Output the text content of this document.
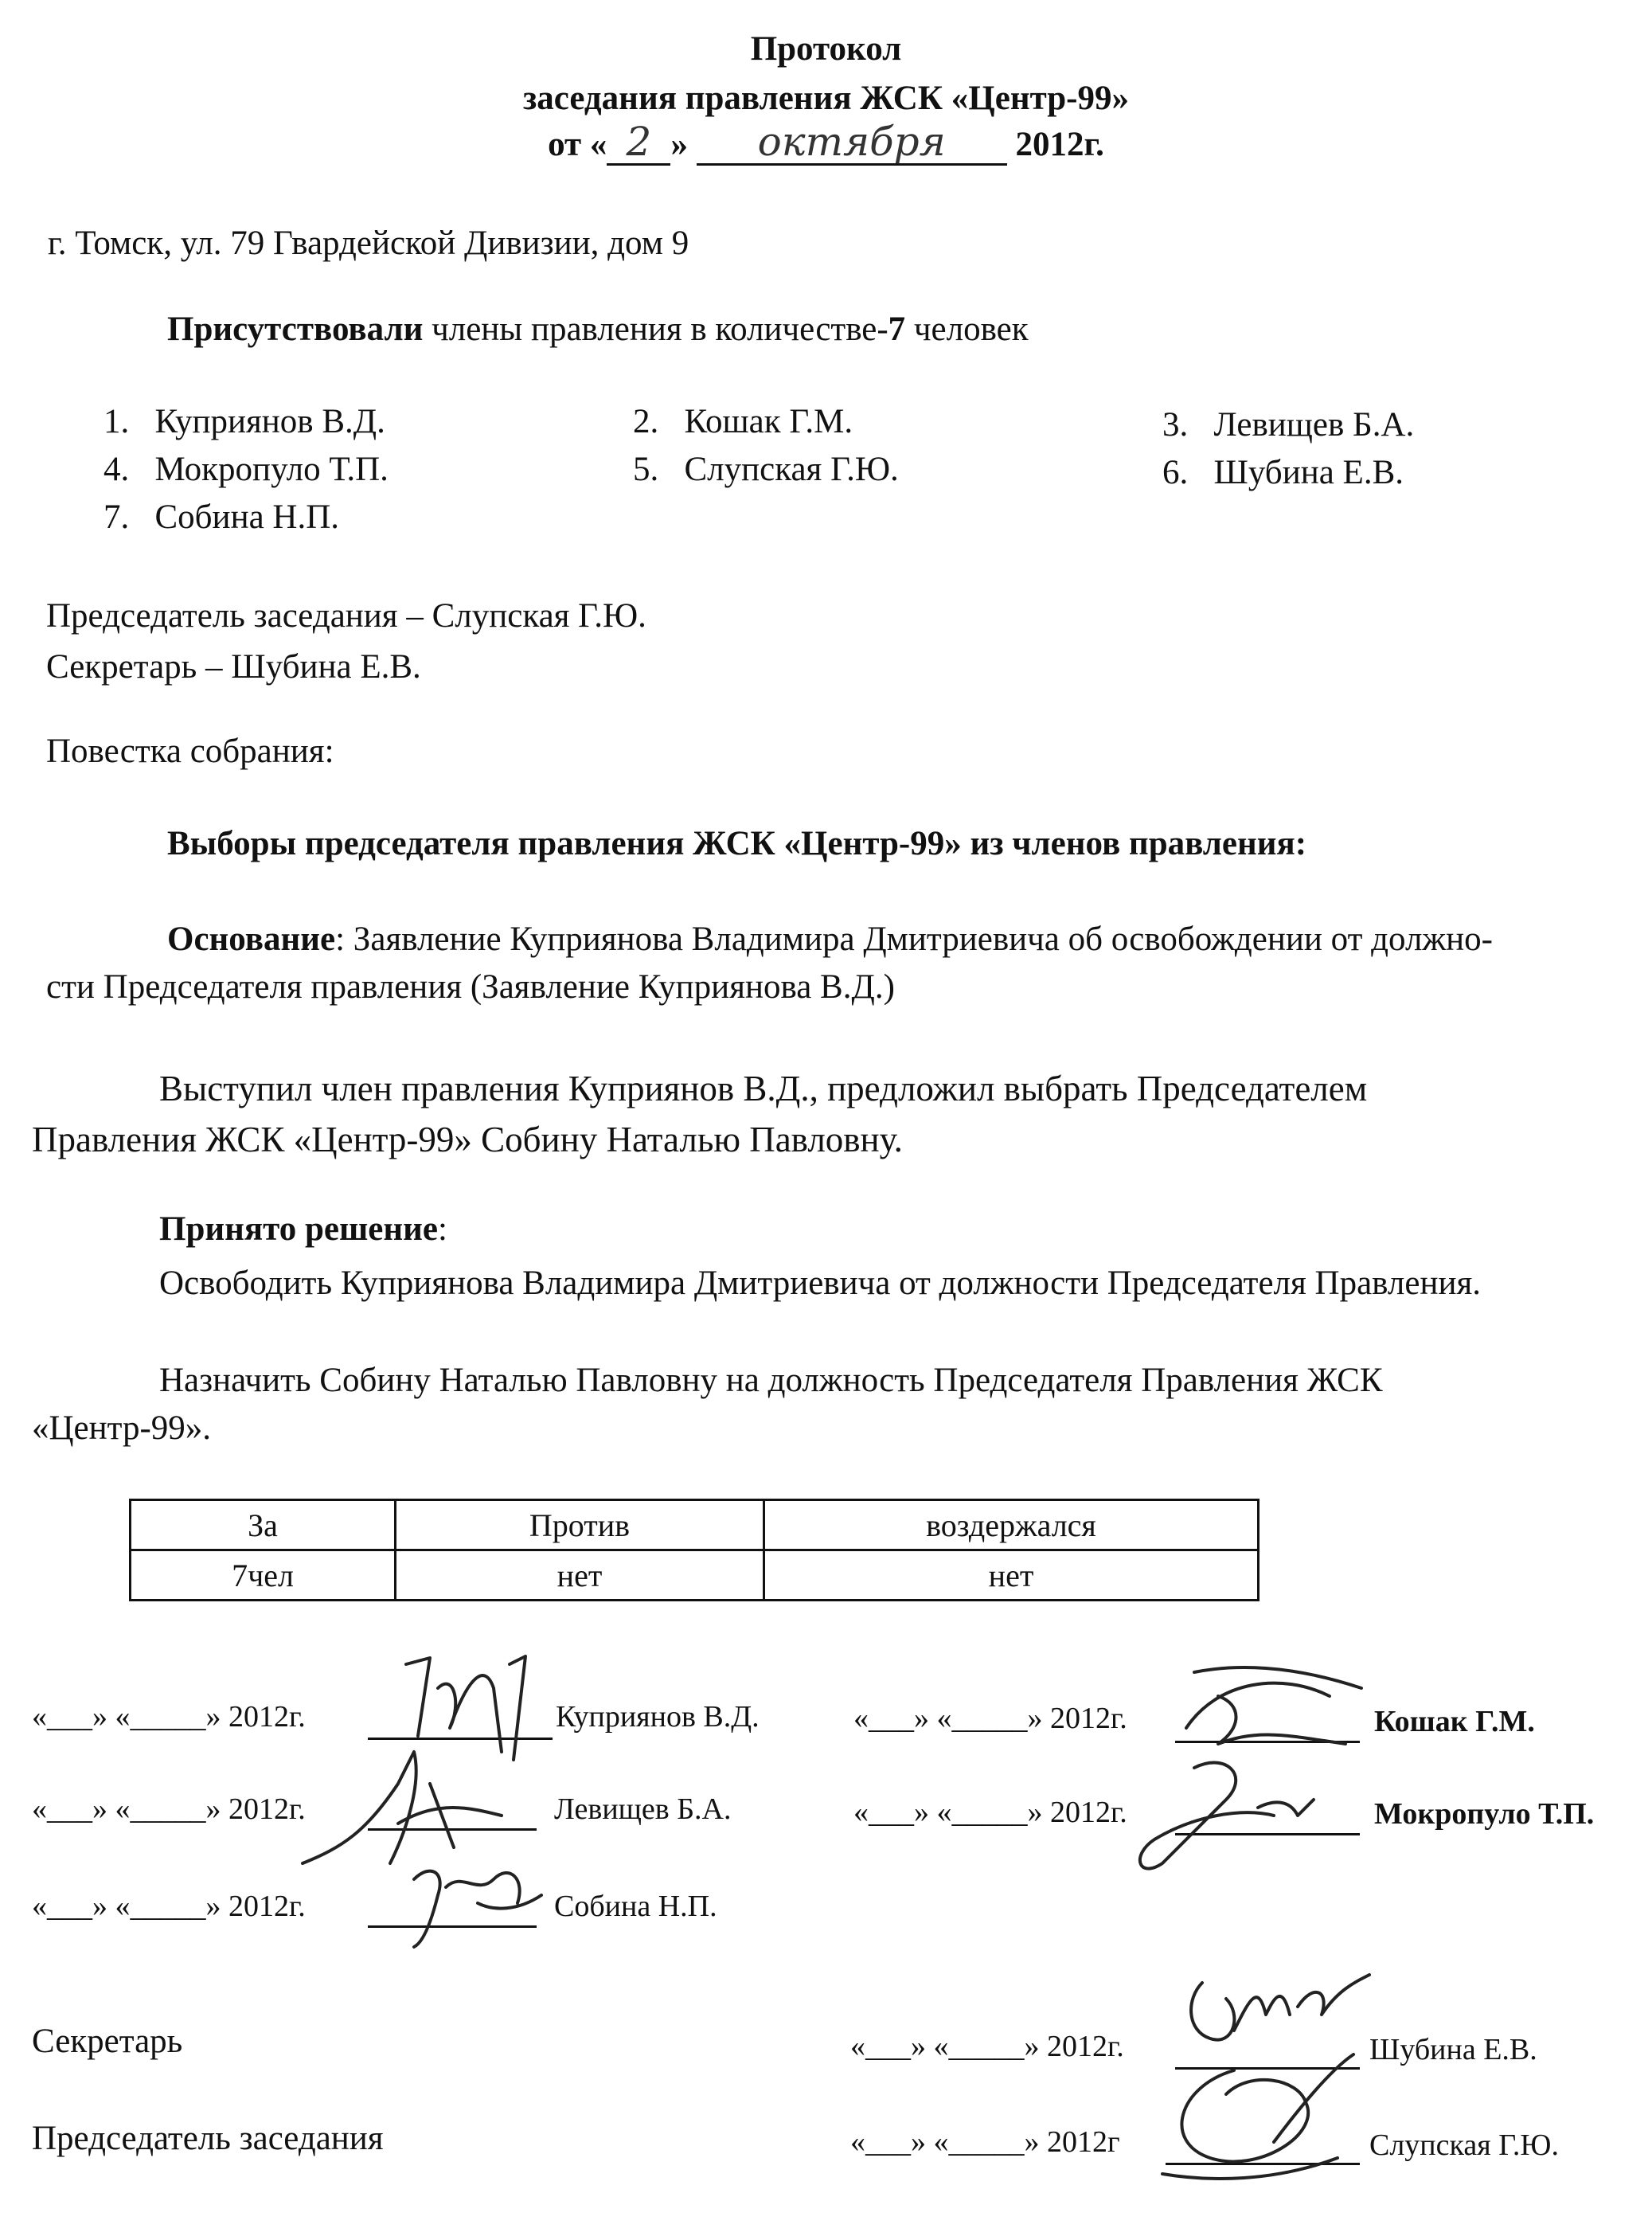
Протокол
заседания правления ЖСК «Центр-99»
от « 2 » октября 2012г.
г. Томск, ул. 79 Гвардейской Дивизии, дом 9
Присутствовали члены правления в количестве-7 человек
1. Куприянов В.Д.	2. Кошак Г.М.	3. Левищев Б.А.
4. Мокропуло Т.П.	5. Слупская Г.Ю.	6. Шубина Е.В.
7. Собина Н.П.
Председатель заседания – Слупская Г.Ю.
Секретарь – Шубина Е.В.
Повестка собрания:
Выборы председателя правления ЖСК «Центр-99» из членов правления:
Основание: Заявление Куприянова Владимира Дмитриевича об освобождении от должно-
сти Председателя правления (Заявление Куприянова В.Д.)
Выступил член правления Куприянов В.Д., предложил выбрать Председателем
Правления ЖСК «Центр-99» Собину Наталью Павловну.
Принято решение:
Освободить Куприянова Владимира Дмитриевича от должности Председателя Правления.
Назначить Собину Наталью Павловну на должность Председателя Правления ЖСК
«Центр-99».
За	Против	воздержался
7чел	нет	нет
«___» «_____» 2012г.	Куприянов В.Д.
«___» «_____» 2012г.	Левищев Б.А.
«___» «_____» 2012г.	Собина Н.П.
«___» «_____» 2012г.	Кошак Г.М.
«___» «_____» 2012г.	Мокропуло Т.П.
Секретарь	«___» «_____» 2012г.	Шубина Е.В.
Председатель заседания	«___» «_____» 2012г	Слупская Г.Ю.
